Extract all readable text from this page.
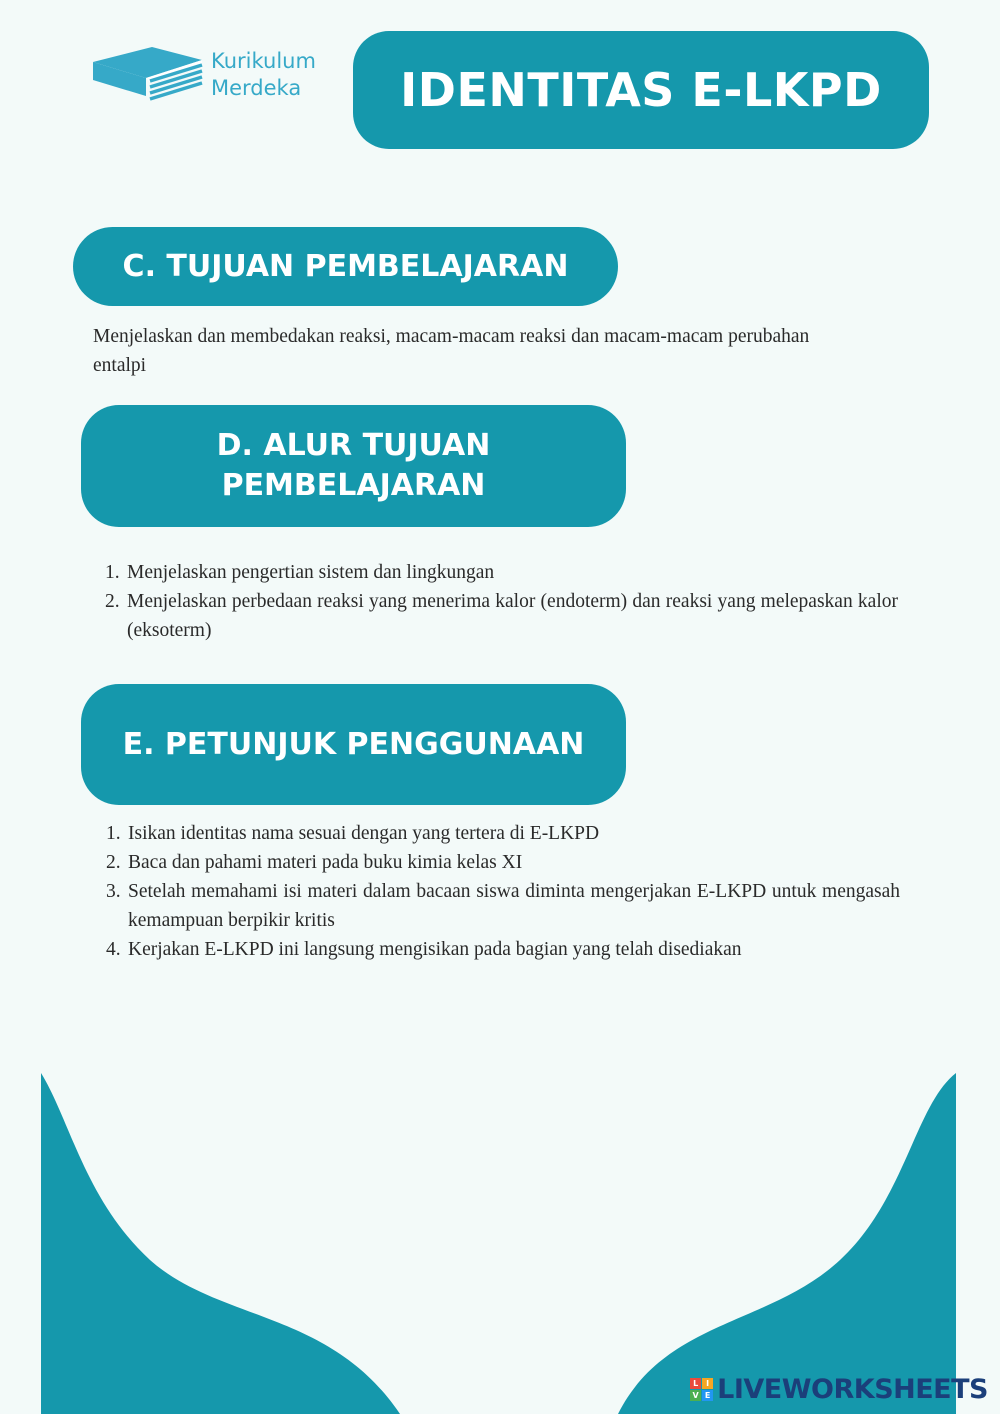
Kurikulum
Merdeka	IDENTITAS E-LKPD
C. TUJUAN PEMBELAJARAN

Menjelaskan dan membedakan reaksi, macam-macam reaksi dan macam-macam perubahan entalpi

D. ALUR TUJUAN PEMBELAJARAN
1. Menjelaskan pengertian sistem dan lingkungan
2. Menjelaskan perbedaan reaksi yang menerima kalor (endoterm) dan reaksi yang melepaskan kalor (eksoterm)
E. PETUNJUK PENGGUNAAN
1. Isikan identitas nama sesuai dengan yang tertera di E-LKPD
2. Baca dan pahami materi pada buku kimia kelas XI
3. Setelah memahami isi materi dalam bacaan siswa diminta mengerjakan E-LKPD untuk mengasah kemampuan berpikir kritis
4. Kerjakan E-LKPD ini langsung mengisikan pada bagian yang telah disediakan
L I
V E LIVEWORKSHEETS
